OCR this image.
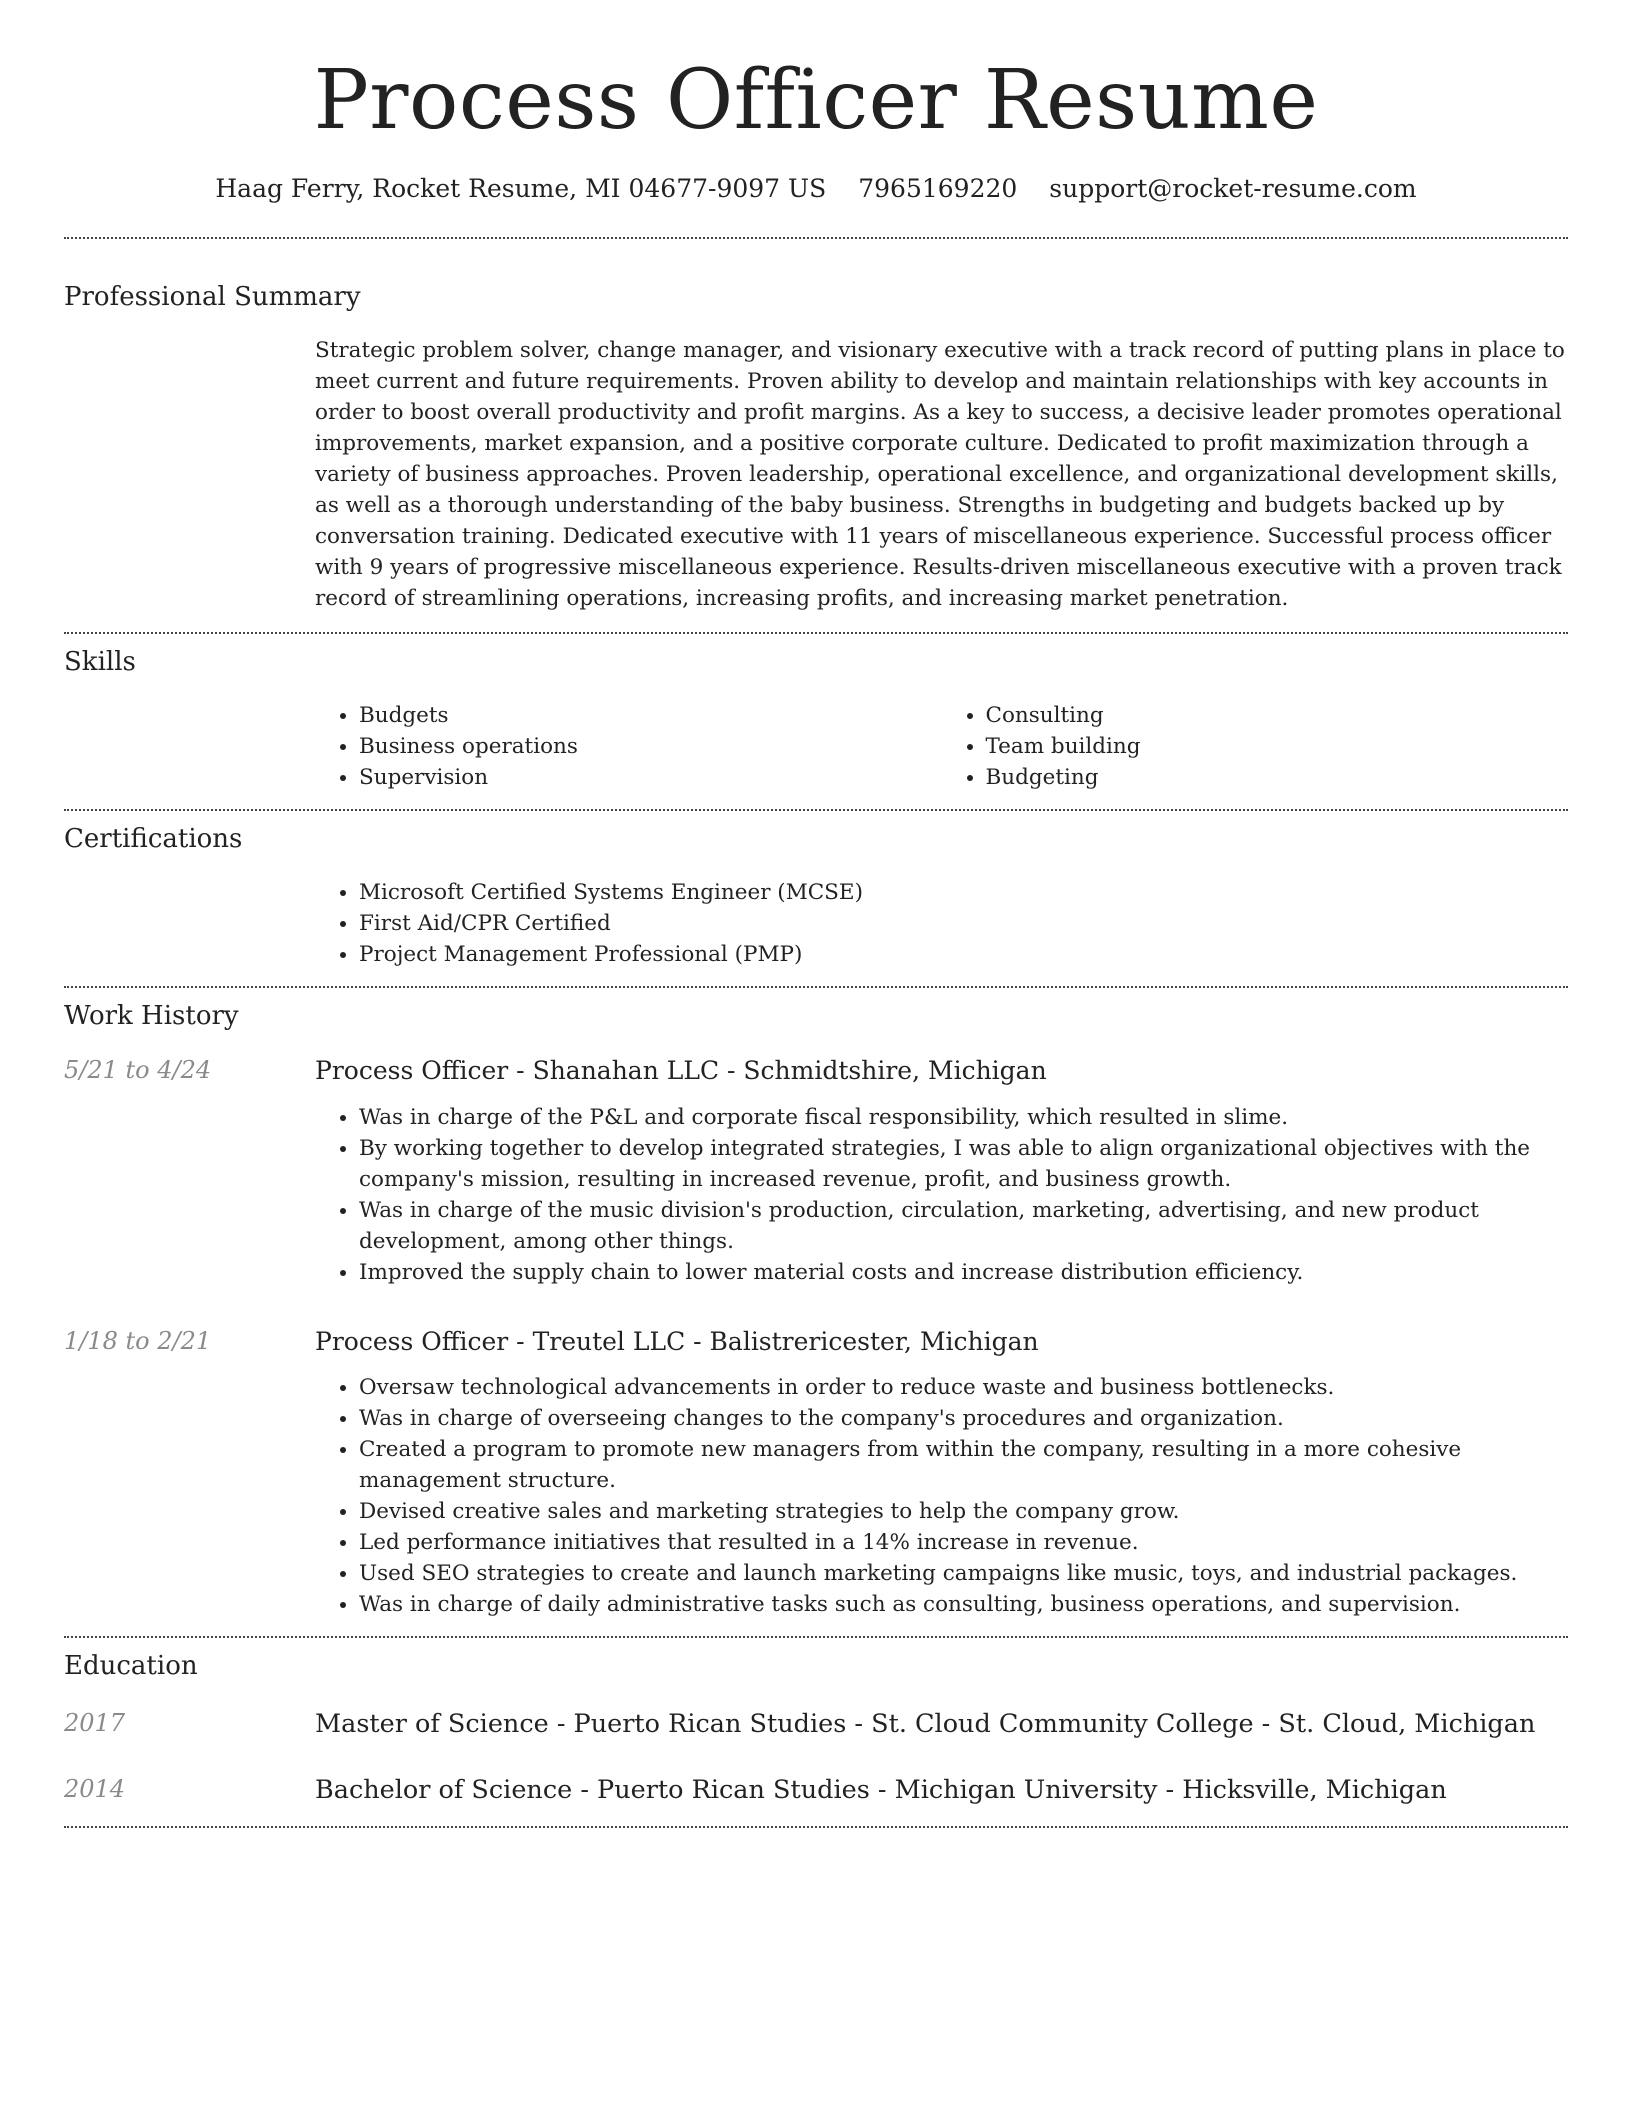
Process Officer Resume
Haag Ferry, Rocket Resume, MI 04677-9097 US 7965169220 support@rocket-resume.com
Professional Summary

Strategic problem solver, change manager, and visionary executive with a track record of putting plans in place to meet current and future requirements. Proven ability to develop and maintain relationships with key accounts in order to boost overall productivity and profit margins. As a key to success, a decisive leader promotes operational improvements, market expansion, and a positive corporate culture. Dedicated to profit maximization through a variety of business approaches. Proven leadership, operational excellence, and organizational development skills, as well as a thorough understanding of the baby business. Strengths in budgeting and budgets backed up by conversation training. Dedicated executive with 11 years of miscellaneous experience. Successful process officer with 9 years of progressive miscellaneous experience. Results-driven miscellaneous executive with a proven track record of streamlining operations, increasing profits, and increasing market penetration.

Skills
• Budgets
• Business operations
• Supervision
• Consulting
• Team building
• Budgeting
Certifications
• Microsoft Certified Systems Engineer (MCSE)
• First Aid/CPR Certified
• Project Management Professional (PMP)
Work History
5/21 to 4/24	Process Officer - Shanahan LLC - Schmidtshire, Michigan
• Was in charge of the P&L and corporate fiscal responsibility, which resulted in slime.
• By working together to develop integrated strategies, I was able to align organizational objectives with the company's mission, resulting in increased revenue, profit, and business growth.
• Was in charge of the music division's production, circulation, marketing, advertising, and new product development, among other things.
• Improved the supply chain to lower material costs and increase distribution efficiency.
1/18 to 2/21	Process Officer - Treutel LLC - Balistrericester, Michigan
• Oversaw technological advancements in order to reduce waste and business bottlenecks.
• Was in charge of overseeing changes to the company's procedures and organization.
• Created a program to promote new managers from within the company, resulting in a more cohesive management structure.
• Devised creative sales and marketing strategies to help the company grow.
• Led performance initiatives that resulted in a 14% increase in revenue.
• Used SEO strategies to create and launch marketing campaigns like music, toys, and industrial packages.
• Was in charge of daily administrative tasks such as consulting, business operations, and supervision.
Education
2017	Master of Science - Puerto Rican Studies - St. Cloud Community College - St. Cloud, Michigan
2014	Bachelor of Science - Puerto Rican Studies - Michigan University - Hicksville, Michigan
